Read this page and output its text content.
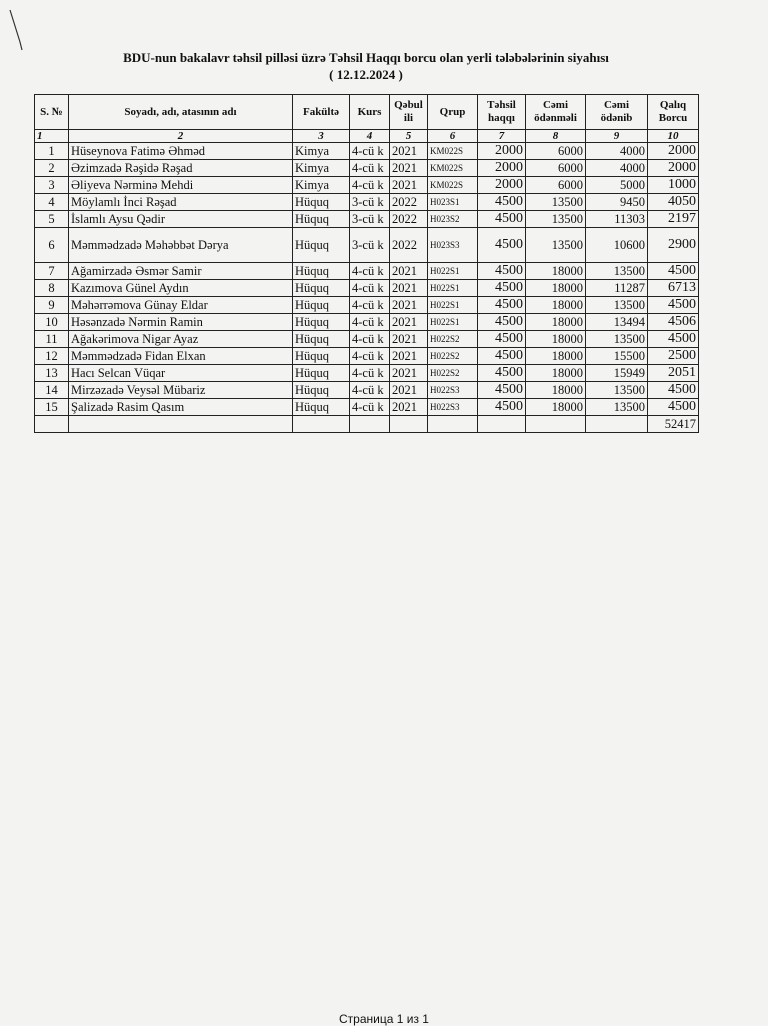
BDU-nun bakalavr təhsil pilləsi üzrə Təhsil Haqqı borcu olan yerli tələbələrinin siyahısı
( 12.12.2024 )
S. №	Soyadı, adı, atasının adı	Fakültə	Kurs	Qəbul ili	Qrup	Təhsil haqqı	Cəmi ödənməli	Cəmi ödənib	Qalıq Borcu
1	2	3	4	5	6	7	8	9	10
1	Hüseynova Fatimə Əhməd	Kimya	4-cü k	2021	KM022S	2000	6000	4000	2000
2	Əzimzadə Rəşidə Rəşad	Kimya	4-cü k	2021	KM022S	2000	6000	4000	2000
3	Əliyeva Nərminə Mehdi	Kimya	4-cü k	2021	KM022S	2000	6000	5000	1000
4	Möylamlı İnci Rəşad	Hüquq	3-cü k	2022	H023S1	4500	13500	9450	4050
5	İslamlı Aysu Qədir	Hüquq	3-cü k	2022	H023S2	4500	13500	11303	2197
6	Məmmədzadə Məhəbbət Dərya	Hüquq	3-cü k	2022	H023S3	4500	13500	10600	2900
7	Ağamirzadə Əsmər Samir	Hüquq	4-cü k	2021	H022S1	4500	18000	13500	4500
8	Kazımova Günel Aydın	Hüquq	4-cü k	2021	H022S1	4500	18000	11287	6713
9	Məhərrəmova Günay Eldar	Hüquq	4-cü k	2021	H022S1	4500	18000	13500	4500
10	Həsənzadə Nərmin Ramin	Hüquq	4-cü k	2021	H022S1	4500	18000	13494	4506
11	Ağakərimova Nigar Ayaz	Hüquq	4-cü k	2021	H022S2	4500	18000	13500	4500
12	Məmmədzadə Fidan Elxan	Hüquq	4-cü k	2021	H022S2	4500	18000	15500	2500
13	Hacı Selcan Vüqar	Hüquq	4-cü k	2021	H022S2	4500	18000	15949	2051
14	Mirzəzadə Veysəl Mübariz	Hüquq	4-cü k	2021	H022S3	4500	18000	13500	4500
15	Şalizadə Rasim Qasım	Hüquq	4-cü k	2021	H022S3	4500	18000	13500	4500
									52417
Страница 1 из 1
